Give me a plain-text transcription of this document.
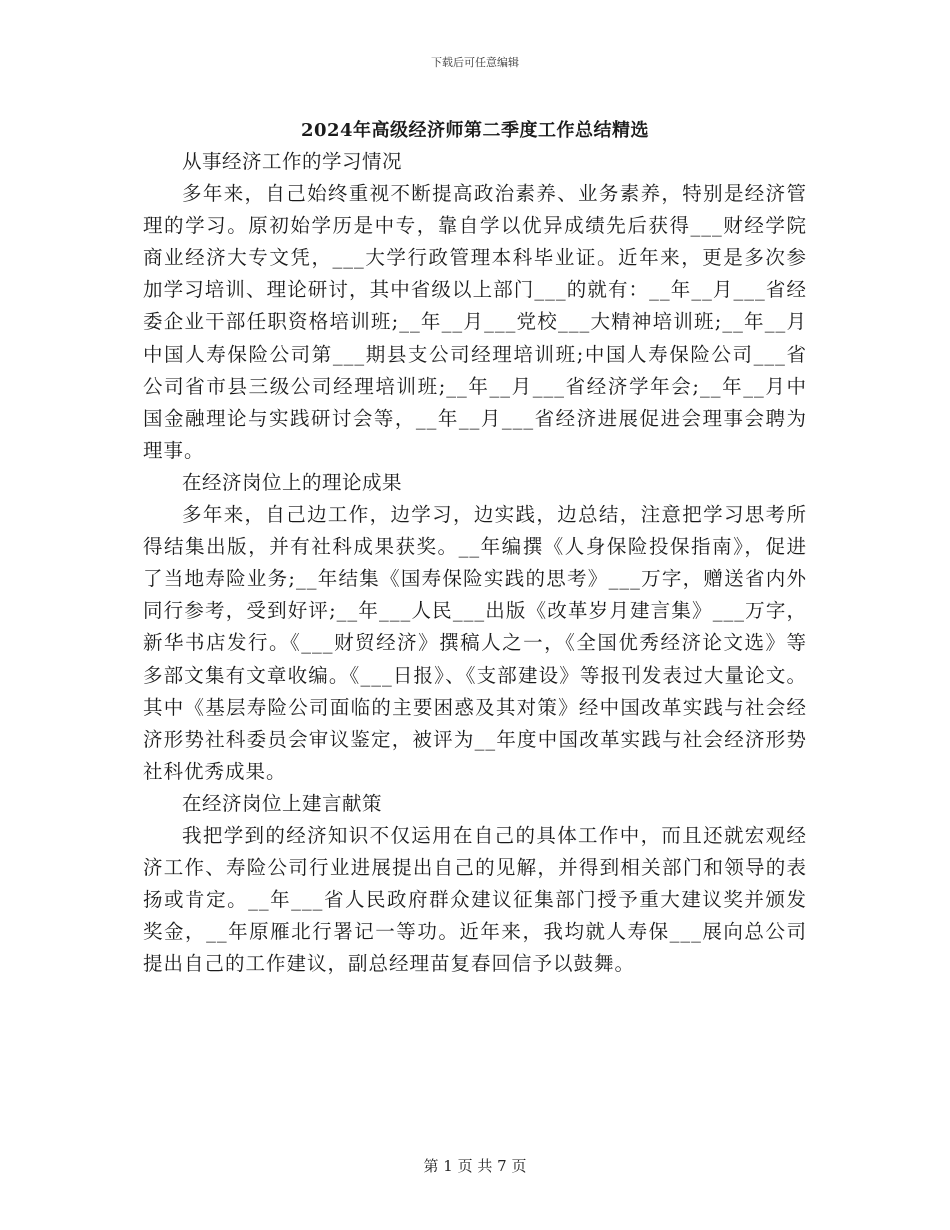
下载后可任意编辑
2024年高级经济师第二季度工作总结精选

从事经济工作的学习情况

多年来，自己始终重视不断提高政治素养、业务素养，特别是经济管理的学习。原初始学历是中专，靠自学以优异成绩先后获得___财经学院商业经济大专文凭，___大学行政管理本科毕业证。近年来，更是多次参加学习培训、理论研讨，其中省级以上部门___的就有：__年__月___省经委企业干部任职资格培训班;__年__月___党校___大精神培训班;__年__月中国人寿保险公司第___期县支公司经理培训班;中国人寿保险公司___省公司省市县三级公司经理培训班;__年__月___省经济学年会;__年__月中国金融理论与实践研讨会等，__年__月___省经济进展促进会理事会聘为理事。

在经济岗位上的理论成果

多年来，自己边工作，边学习，边实践，边总结，注意把学习思考所得结集出版，并有社科成果获奖。__年编撰《人身保险投保指南》，促进了当地寿险业务;__年结集《国寿保险实践的思考》___万字，赠送省内外同行参考，受到好评;__年___人民___出版《改革岁月建言集》___万字，新华书店发行。《___财贸经济》撰稿人之一，《全国优秀经济论文选》等多部文集有文章收编。《___日报》、《支部建设》等报刊发表过大量论文。其中《基层寿险公司面临的主要困惑及其对策》经中国改革实践与社会经济形势社科委员会审议鉴定，被评为__年度中国改革实践与社会经济形势社科优秀成果。

在经济岗位上建言献策

我把学到的经济知识不仅运用在自己的具体工作中，而且还就宏观经济工作、寿险公司行业进展提出自己的见解，并得到相关部门和领导的表扬或肯定。__年___省人民政府群众建议征集部门授予重大建议奖并颁发奖金，__年原雁北行署记一等功。近年来，我均就人寿保___展向总公司提出自己的工作建议，副总经理苗复春回信予以鼓舞。

第 1 页 共 7 页
